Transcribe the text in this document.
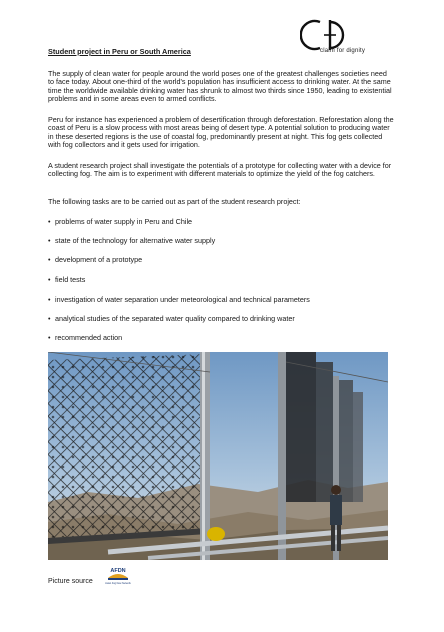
claim for dignity
Student project in Peru or South America

The supply of clean water for people around the world poses one of the greatest challenges societies need to face today. About one-third of the world's population has insufficient access to drinking water. At the same time the worldwide available drinking water has shrunk to almost two thirds since 1950, leading to existential problems and in some areas even to armed conflicts.

Peru for instance has experienced a problem of desertification through deforestation. Reforestation along the coast of Peru is a slow process with most areas being of desert type. A potential solution to producing water in these deserted regions is the use of coastal fog, predominantly present at night. This fog gets collected with fog collectors and it gets used for irrigation.

A student research project shall investigate the potentials of a prototype for collecting water with a device for collecting fog. The aim is to experiment with different materials to optimize the yield of the fog catchers.

The following tasks are to be carried out as part of the student research project:

• problems of water supply in Peru and Chile
• state of the technology for alternative water supply
• development of a prototype
• field tests
• investigation of water separation under meteorological and technical parameters
• analytical studies of the separated water quality compared to drinking water
• recommended action

Picture source

AFDN
Asian Fog Dew Network
